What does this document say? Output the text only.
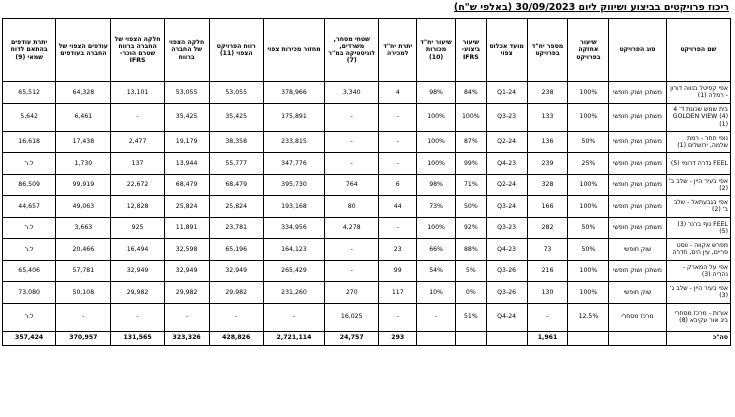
ריכוז פרויקטים בביצוע ושיווק ליום 30/09/2023 (באלפי ש"ח)
שם הפרויקט	סוג הפרויקט	שיעור אחזקה בפרויקט	מספר יח"ד בפרויקט	מועד אכלוס צפוי	שיעור ביצוע- IFRS	שיעור יח"ד מכורות (10)	יתרת יח"ד למכירה	שטחי מסחר, משרדים, לוגיסטיקה במ"ר (7)	מחזור מכירות צפוי	רווח הפרויקט הצפוי (11)	חלקה הצפוי של החברה ברווח	חלקה הצפוי של החברה ברווח שטרם הוכר- IFRS	עודפים הצפוי של החברה בעודפים	יתרת עודפים בהתאם לדוח שמאי (9)
אפי קפיטל בנווה דורון - רמלה (1)	משתכן ושוק חופשי	100%	238	Q1-24	84%	98%	4	3,340	378,966	53,055	53,055	13,101	64,328	65,512
בית שמש שכונת ד' 4 GOLDEN VIEW (4)(1)	משתכן ושוק חופשי	100%	133	Q3-23	100%	100%	-	-	175,891	35,425	35,425	-	6,461	5,642
נופי חחר - רמת שלמה, ירושלים (1)	משתכן ושוק חופשי	50%	136	Q2-24	87%	100%	-	-	233,815	38,358	19,179	2,477	17,438	16,618
FEEL גדרה דרומי (5)	משתכן ושוק חופשי	25%	239	Q4-23	99%	100%	-	-	347,776	55,777	13,944	137	1,730	ל.ר
אפי בעיר היין - שלב ב' (2)	משתכן ושוק חופשי	100%	328	Q2-24	71%	98%	6	764	395,730	68,479	68,479	22,672	99,919	86,509
אפי בגבעתאל - שלב ב' (2)	משתכן ושוק חופשי	100%	166	Q3-24	50%	73%	44	80	193,168	25,824	25,824	12,828	49,063	44,657
FEEL נוף ברנר (3)(5)	משתכן ושוק חופשי	50%	282	Q3-23	92%	100%	-	4,278	334,956	23,781	11,891	925	3,663	ל.ר
מפרש אקווה - ווסט פריים, עין הים, חדרה	שוק חופשי	50%	73	Q4-23	88%	66%	23	-	164,123	65,196	32,598	16,494	20,466	ל.ר
אפי על המארק - נהריה (3)	משתכן ושוק חופשי	100%	216	Q3-26	5%	54%	99	-	265,429	32,949	32,949	32,949	57,781	65,406
אפי בעיר היין - שלב ג' (3)	שוק חופשי	100%	130	Q3-26	0%	10%	117	270	231,260	29,982	29,982	29,982	50,108	73,080
אורות - מרכז מסחרי ביג אור עקיבא (8)	מרכז מסחרי	12.5%	-	Q4-24	51%	-	-	16,025	-	-	-	-	-	ל.ר
סה"כ			1,961				293	24,757	2,721,114	428,826	323,326	131,565	370,957	357,424
